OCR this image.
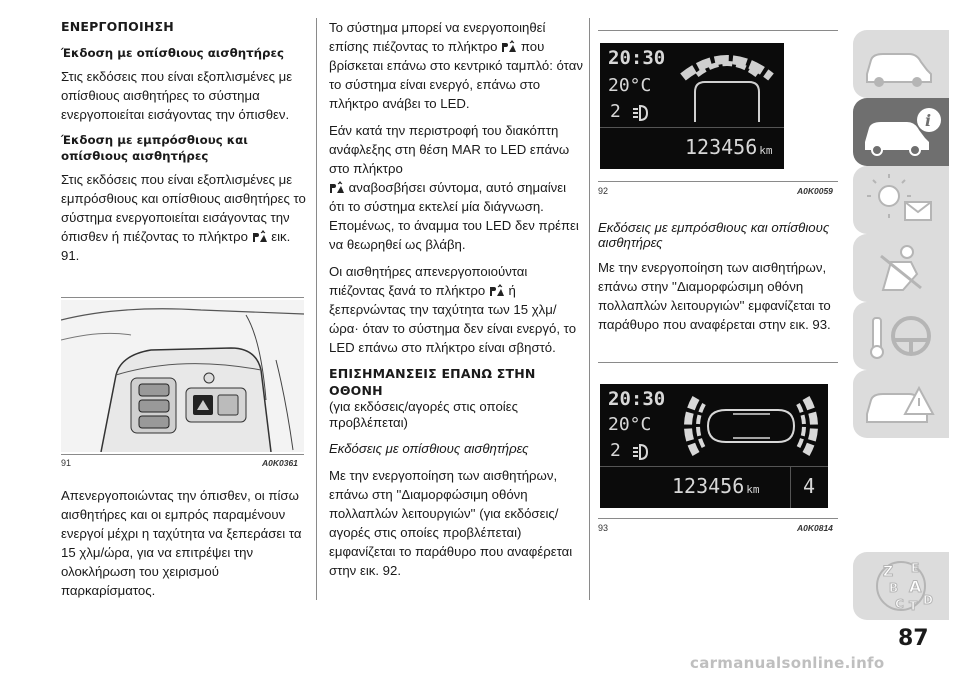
ΕΝΕΡΓΟΠΟΙΗΣΗ
Έκδοση με οπίσθιους αισθητήρες

Στις εκδόσεις που είναι εξοπλισμένες με οπίσθιους αισθητήρες το σύστημα ενεργοποιείται εισάγοντας την όπισθεν.

Έκδοση με εμπρόσθιους και οπίσθιους αισθητήρες

Στις εκδόσεις που είναι εξοπλισμένες με εμπρόσθιους και οπίσθιους αισθητήρες το σύστημα ενεργοποιείται εισάγοντας την όπισθεν ή πιέζοντας το πλήκτρο εικ. 91.

91	A0K0361

Απενεργοποιώντας την όπισθεν, οι πίσω αισθητήρες και οι εμπρός παραμένουν ενεργοί μέχρι η ταχύτητα να ξεπεράσει τα 15 χλμ/ώρα, για να επιτρέψει την ολοκλήρωση του χειρισμού παρκαρίσματος.

Το σύστημα μπορεί να ενεργοποιηθεί επίσης πιέζοντας το πλήκτρο που βρίσκεται επάνω στο κεντρικό ταμπλό: όταν το σύστημα είναι ενεργό, επάνω στο πλήκτρο ανάβει το LED.

Εάν κατά την περιστροφή του διακόπτη ανάφλεξης στη θέση MAR το LED επάνω στο πλήκτρο
αναβοσβήσει σύντομα, αυτό σημαίνει ότι το σύστημα εκτελεί μία διάγνωση. Επομένως, το άναμμα του LED δεν πρέπει να θεωρηθεί ως βλάβη.

Οι αισθητήρες απενεργοποιούνται πιέζοντας ξανά το πλήκτρο ή ξεπερνώντας την ταχύτητα των 15 χλμ/ώρα· όταν το σύστημα δεν είναι ενεργό, το LED επάνω στο πλήκτρο είναι σβηστό.

ΕΠΙΣΗΜΑΝΣΕΙΣ ΕΠΑΝΩ ΣΤΗΝ ΟΘΟΝΗ

(για εκδόσεις/αγορές στις οποίες προβλέπεται)

Εκδόσεις με οπίσθιους αισθητήρες

Με την ενεργοποίηση των αισθητήρων, επάνω στη ''Διαμορφώσιμη οθόνη πολλαπλών λειτουργιών'' (για εκδόσεις/αγορές στις οποίες προβλέπεται) εμφανίζεται το παράθυρο που αναφέρεται στην εικ. 92.

20:30
20°C
2
123456 km
92	A0K0059

Εκδόσεις με εμπρόσθιους και οπίσθιους αισθητήρες

Με την ενεργοποίηση των αισθητήρων, επάνω στην ''Διαμορφώσιμη οθόνη πολλαπλών λειτουργιών'' εμφανίζεται το παράθυρο που αναφέρεται στην εικ. 93.

20:30
20°C
2
123456 km 4
93	A0K0814
i
Z E
B A
C T D
87
carmanualsonline.info
